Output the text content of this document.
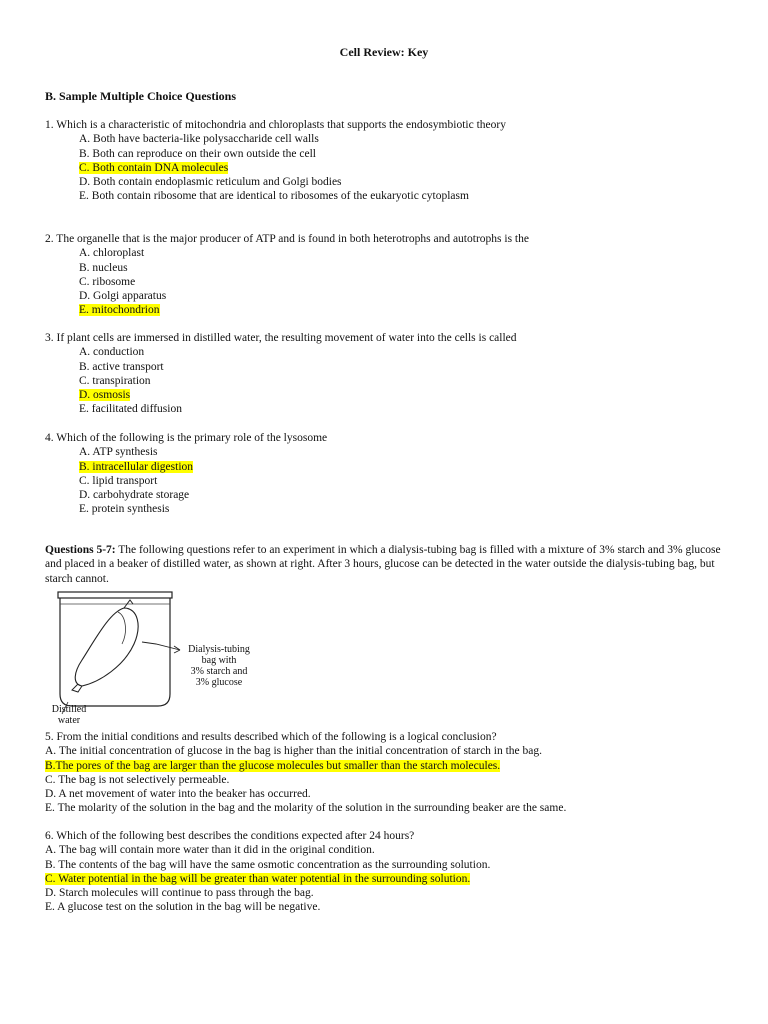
Cell Review: Key
B. Sample Multiple Choice Questions
1. Which is a characteristic of mitochondria and chloroplasts that supports the endosymbiotic theory
A. Both have bacteria-like polysaccharide cell walls
B. Both can reproduce on their own outside the cell
C. Both contain DNA molecules
D. Both contain endoplasmic reticulum and Golgi bodies
E. Both contain ribosome that are identical to ribosomes of the eukaryotic cytoplasm
2. The organelle that is the major producer of ATP and is found in both heterotrophs and autotrophs is the
A. chloroplast
B. nucleus
C. ribosome
D. Golgi apparatus
E. mitochondrion
3. If plant cells are immersed in distilled water, the resulting movement of water into the cells is called
A. conduction
B. active transport
C. transpiration
D. osmosis
E. facilitated diffusion
4. Which of the following is the primary role of the lysosome
A. ATP synthesis
B. intracellular digestion
C. lipid transport
D. carbohydrate storage
E. protein synthesis
Questions 5-7: The following questions refer to an experiment in which a dialysis-tubing bag is filled with a mixture of 3% starch and 3% glucose and placed in a beaker of distilled water, as shown at right. After 3 hours, glucose can be detected in the water outside the dialysis-tubing bag, but starch cannot.
Dialysis-tubing
bag with
3% starch and
3% glucose
Distilled
water
5. From the initial conditions and results described which of the following is a logical conclusion?
A. The initial concentration of glucose in the bag is higher than the initial concentration of starch in the bag.
B.The pores of the bag are larger than the glucose molecules but smaller than the starch molecules.
C. The bag is not selectively permeable.
D. A net movement of water into the beaker has occurred.
E. The molarity of the solution in the bag and the molarity of the solution in the surrounding beaker are the same.
6. Which of the following best describes the conditions expected after 24 hours?
A. The bag will contain more water than it did in the original condition.
B. The contents of the bag will have the same osmotic concentration as the surrounding solution.
C. Water potential in the bag will be greater than water potential in the surrounding solution.
D. Starch molecules will continue to pass through the bag.
E. A glucose test on the solution in the bag will be negative.
